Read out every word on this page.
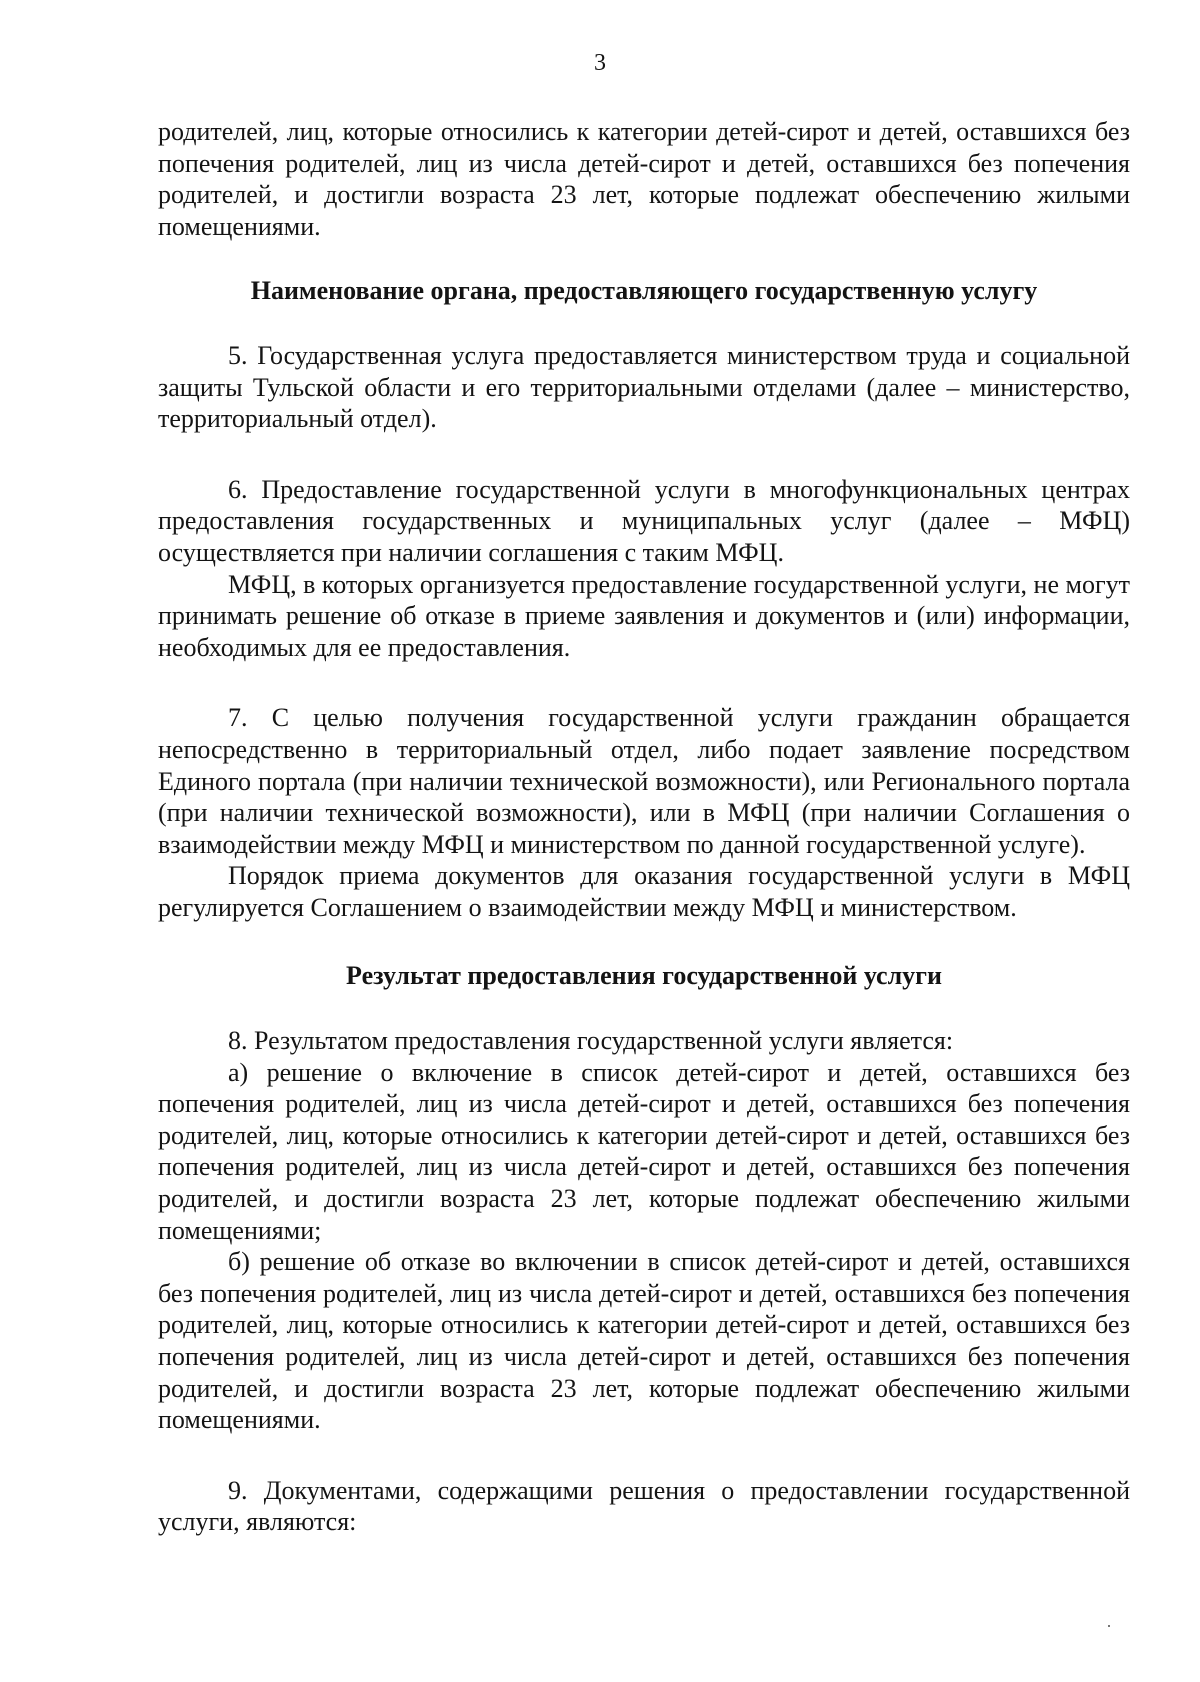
3

родителей, лиц, которые относились к категории детей-сирот и детей, оставшихся без попечения родителей, лиц из числа детей-сирот и детей, оставшихся без попечения родителей, и достигли возраста 23 лет, которые подлежат обеспечению жилыми помещениями.

Наименование органа, предоставляющего государственную услугу

5. Государственная услуга предоставляется министерством труда и социальной защиты Тульской области и его территориальными отделами (далее – министерство, территориальный отдел).

6. Предоставление государственной услуги в многофункциональных центрах предоставления государственных и муниципальных услуг (далее – МФЦ) осуществляется при наличии соглашения с таким МФЦ.

МФЦ, в которых организуется предоставление государственной услуги, не могут принимать решение об отказе в приеме заявления и документов и (или) информации, необходимых для ее предоставления.

7. С целью получения государственной услуги гражданин обращается непосредственно в территориальный отдел, либо подает заявление посредством Единого портала (при наличии технической возможности), или Регионального портала (при наличии технической возможности), или в МФЦ (при наличии Соглашения о взаимодействии между МФЦ и министерством по данной государственной услуге).

Порядок приема документов для оказания государственной услуги в МФЦ регулируется Соглашением о взаимодействии между МФЦ и министерством.

Результат предоставления государственной услуги

8. Результатом предоставления государственной услуги является:

а) решение о включение в список детей-сирот и детей, оставшихся без попечения родителей, лиц из числа детей-сирот и детей, оставшихся без попечения родителей, лиц, которые относились к категории детей-сирот и детей, оставшихся без попечения родителей, лиц из числа детей-сирот и детей, оставшихся без попечения родителей, и достигли возраста 23 лет, которые подлежат обеспечению жилыми помещениями;

б) решение об отказе во включении в список детей-сирот и детей, оставшихся без попечения родителей, лиц из числа детей-сирот и детей, оставшихся без попечения родителей, лиц, которые относились к категории детей-сирот и детей, оставшихся без попечения родителей, лиц из числа детей-сирот и детей, оставшихся без попечения родителей, и достигли возраста 23 лет, которые подлежат обеспечению жилыми помещениями.

9. Документами, содержащими решения о предоставлении государственной услуги, являются:
